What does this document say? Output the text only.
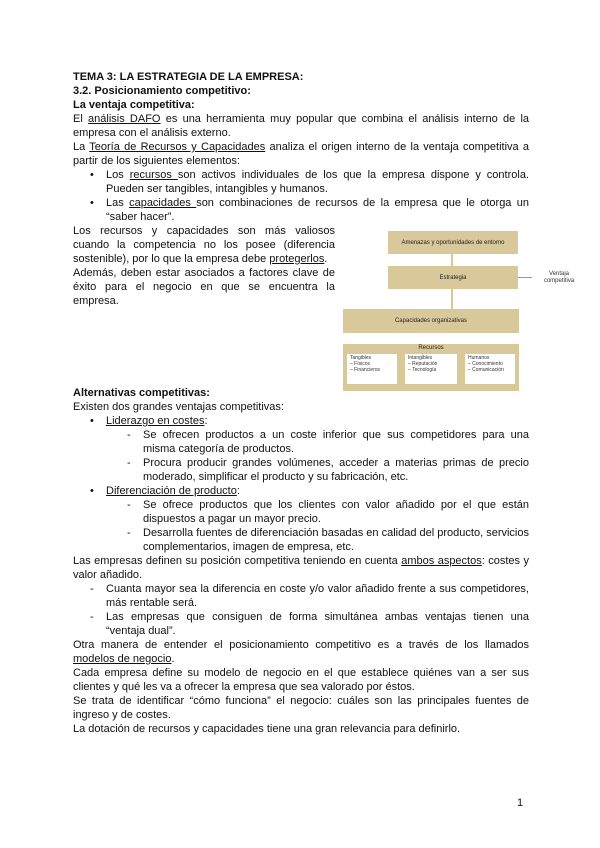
TEMA 3: LA ESTRATEGIA DE LA EMPRESA:

3.2. Posicionamiento competitivo:

La ventaja competitiva:

El análisis DAFO es una herramienta muy popular que combina el análisis interno de la empresa con el análisis externo.

La Teoría de Recursos y Capacidades analiza el origen interno de la ventaja competitiva a partir de los siguientes elementos:

• Los recursos son activos individuales de los que la empresa dispone y controla. Pueden ser tangibles, intangibles y humanos.
• Las capacidades son combinaciones de recursos de la empresa que le otorga un “saber hacer”.

Los recursos y capacidades son más valiosos cuando la competencia no los posee (diferencia sostenible), por lo que la empresa debe protegerlos.

Además, deben estar asociados a factores clave de éxito para el negocio en que se encuentra la empresa.

Alternativas competitivas:

Existen dos grandes ventajas competitivas:

• Liderazgo en costes:
- Se ofrecen productos a un coste inferior que sus competidores para una misma categoría de productos.
- Procura producir grandes volúmenes, acceder a materias primas de precio moderado, simplificar el producto y su fabricación, etc.
• Diferenciación de producto:
- Se ofrece productos que los clientes con valor añadido por el que están dispuestos a pagar un mayor precio.
- Desarrolla fuentes de diferenciación basadas en calidad del producto, servicios complementarios, imagen de empresa, etc.

Las empresas definen su posición competitiva teniendo en cuenta ambos aspectos: costes y valor añadido.

- Cuanta mayor sea la diferencia en coste y/o valor añadido frente a sus competidores, más rentable será.
- Las empresas que consiguen de forma simultánea ambas ventajas tienen una “ventaja dual”.

Otra manera de entender el posicionamiento competitivo es a través de los llamados modelos de negocio.

Cada empresa define su modelo de negocio en el que establece quiénes van a ser sus clientes y qué les va a ofrecer la empresa que sea valorado por éstos.

Se trata de identificar “cómo funciona” el negocio: cuáles son las principales fuentes de ingreso y de costes.

La dotación de recursos y capacidades tiene una gran relevancia para definirlo.

Amenazas y oportunidades de entorno
Estrategia
Ventaja competitiva
Capacidades organizativas
Recursos
Tangibles
– Físicos
– Financieros
Intangibles
– Reputación
– Tecnología
Humanos
– Conocimiento
– Comunicación
1
